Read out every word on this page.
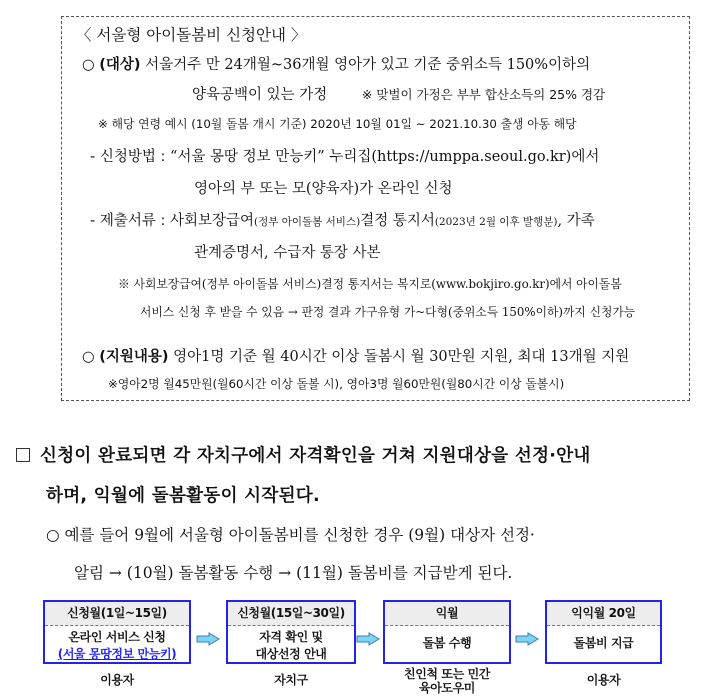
〈 서울형 아이돌봄비 신청안내 〉
○ (대상) 서울거주 만 24개월~36개월 영아가 있고 기준 중위소득 150%이하의
양육공백이 있는 가정	※ 맞벌이 가정은 부부 합산소득의 25% 경감
※ 해당 연령 예시 (10월 돌봄 개시 기준) 2020년 10월 01일 ~ 2021.10.30 출생 아동 해당
- 신청방법 : “서울 몽땅 정보 만능키” 누리집(https://umppa.seoul.go.kr)에서
영아의 부 또는 모(양육자)가 온라인 신청
- 제출서류 : 사회보장급여(정부 아이돌봄 서비스)결정 통지서(2023년 2월 이후 발행분), 가족
관계증명서, 수급자 통장 사본
※ 사회보장급여(정부 아이돌봄 서비스)결정 통지서는 복지로(www.bokjiro.go.kr)에서 아이돌봄
서비스 신청 후 받을 수 있음 → 판정 결과 가구유형 가~다형(중위소득 150%이하)까지 신청가능
○ (지원내용) 영아1명 기준 월 40시간 이상 돌봄시 월 30만원 지원, 최대 13개월 지원
※영아2명 월45만원(월60시간 이상 돌볼 시), 영아3명 월60만원(월80시간 이상 돌볼시)
신청이 완료되면 각 자치구에서 자격확인을 거쳐 지원대상을 선정·안내
하며, 익월에 돌봄활동이 시작된다.
○ 예를 들어 9월에 서울형 아이돌봄비를 신청한 경우 (9월) 대상자 선정·
알림 → (10월) 돌봄활동 수행 → (11월) 돌봄비를 지급받게 된다.
신청월(1일~15일)
온라인 서비스 신청
(서울 몽땅정보 만능키)
신청월(15일~30일)
자격 확인 및
대상선정 안내
익월
돌봄 수행
익익월 20일
돌봄비 지급
이용자	자치구	친인척 또는 민간
육아도우미
이용자
